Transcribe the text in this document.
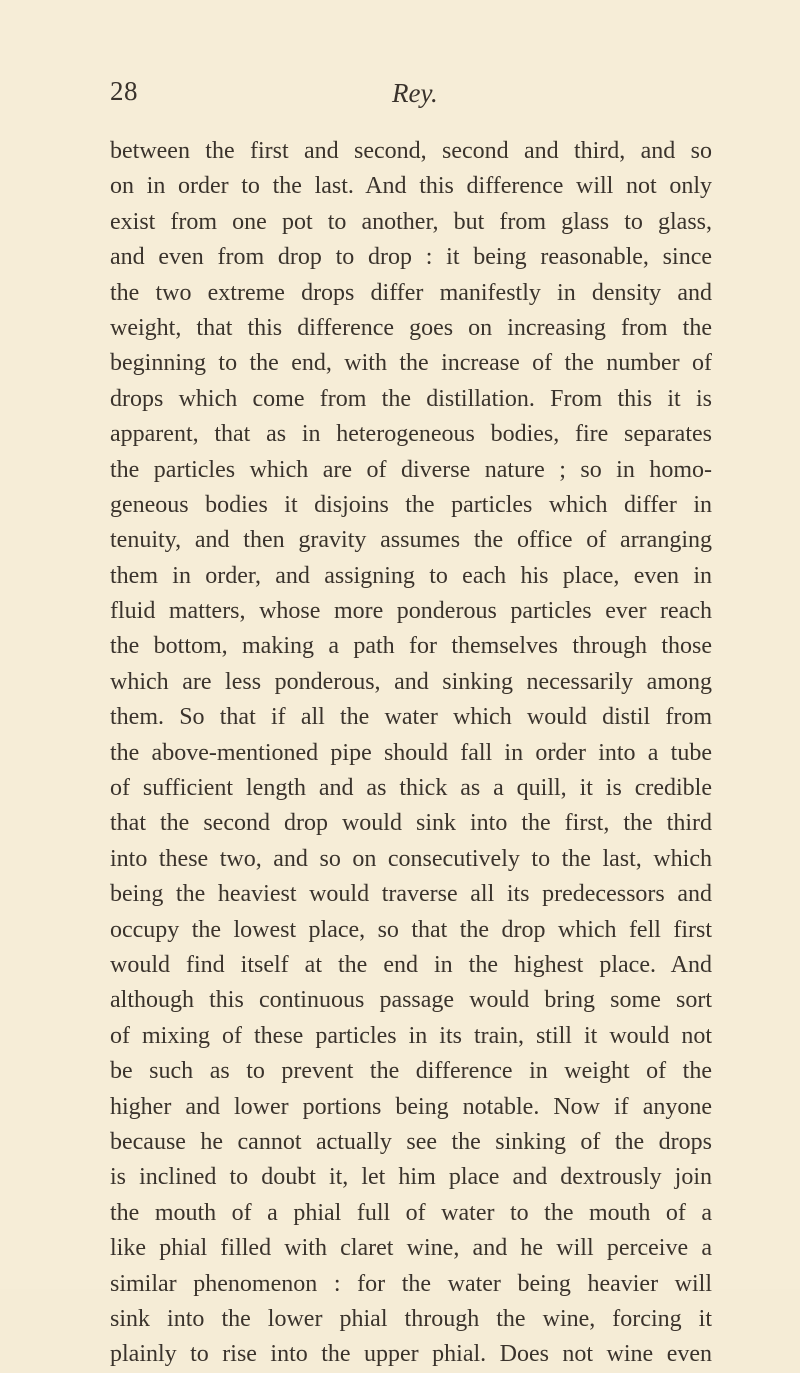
28	Rey.
between the first and second, second and third, and so
on in order to the last. And this difference will not only
exist from one pot to another, but from glass to glass,
and even from drop to drop : it being reasonable, since
the two extreme drops differ manifestly in density and
weight, that this difference goes on increasing from the
beginning to the end, with the increase of the number of
drops which come from the distillation. From this it is
apparent, that as in heterogeneous bodies, fire separates
the particles which are of diverse nature ; so in homo-
geneous bodies it disjoins the particles which differ in
tenuity, and then gravity assumes the office of arranging
them in order, and assigning to each his place, even in
fluid matters, whose more ponderous particles ever reach
the bottom, making a path for themselves through those
which are less ponderous, and sinking necessarily among
them. So that if all the water which would distil from
the above-mentioned pipe should fall in order into a tube
of sufficient length and as thick as a quill, it is credible
that the second drop would sink into the first, the third
into these two, and so on consecutively to the last, which
being the heaviest would traverse all its predecessors and
occupy the lowest place, so that the drop which fell first
would find itself at the end in the highest place. And
although this continuous passage would bring some sort
of mixing of these particles in its train, still it would not
be such as to prevent the difference in weight of the
higher and lower portions being notable. Now if anyone
because he cannot actually see the sinking of the drops
is inclined to doubt it, let him place and dextrously join
the mouth of a phial full of water to the mouth of a
like phial filled with claret wine, and he will perceive a
similar phenomenon : for the water being heavier will
sink into the lower phial through the wine, forcing it
plainly to rise into the upper phial. Does not wine even
